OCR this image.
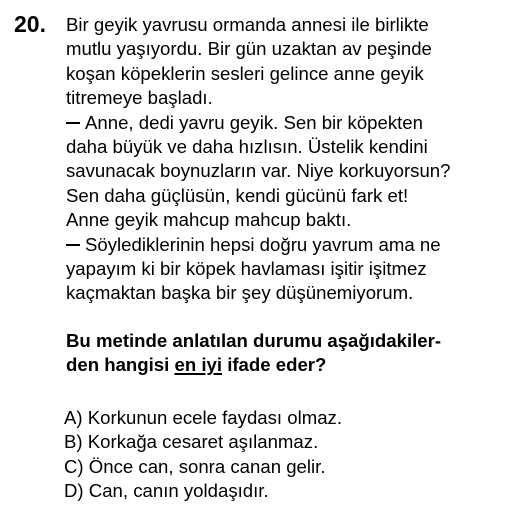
20. Bir geyik yavrusu ormanda annesi ile birlikte
mutlu yaşıyordu. Bir gün uzaktan av peşinde
koşan köpeklerin sesleri gelince anne geyik
titremeye başladı.
Anne, dedi yavru geyik. Sen bir köpekten
daha büyük ve daha hızlısın. Üstelik kendini
savunacak boynuzların var. Niye korkuyorsun?
Sen daha güçlüsün, kendi gücünü fark et!
Anne geyik mahcup mahcup baktı.
Söylediklerinin hepsi doğru yavrum ama ne
yapayım ki bir köpek havlaması işitir işitmez
kaçmaktan başka bir şey düşünemiyorum.
Bu metinde anlatılan durumu aşağıdakiler-
den hangisi en iyi ifade eder?
A) Korkunun ecele faydası olmaz.
B) Korkağa cesaret aşılanmaz.
C) Önce can, sonra canan gelir.
D) Can, canın yoldaşıdır.
